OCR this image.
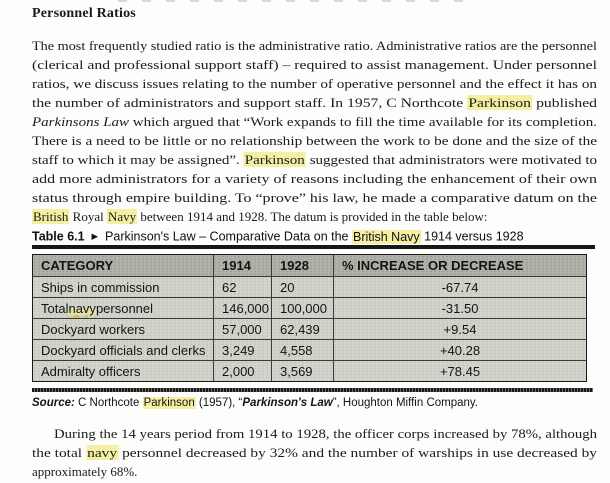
Personnel Ratios
The most frequently studied ratio is the administrative ratio. Administrative ratios are the personnel
(clerical and professional support staff) – required to assist management. Under personnel
ratios, we discuss issues relating to the number of operative personnel and the effect it has on
the number of administrators and support staff. In 1957, C Northcote Parkinson published
Parkinsons Law which argued that “Work expands to fill the time available for its completion.
There is a need to be little or no relationship between the work to be done and the size of the
staff to which it may be assigned”. Parkinson suggested that administrators were motivated to
add more administrators for a variety of reasons including the enhancement of their own
status through empire building. To “prove” his law, he made a comparative datum on the
British Royal Navy between 1914 and 1928. The datum is provided in the table below:
Table 6.1 ▶  Parkinson's Law – Comparative Data on the British Navy 1914 versus 1928
CATEGORY	1914	1928	% INCREASE OR DECREASE
Ships in commission	62	20	-67.74
Total navy personnel	146,000 100,000	-31.50
Dockyard workers	57,000	62,439	+9.54
Dockyard officials and clerks	3,249	4,558	+40.28
Admiralty officers	2,000	3,569	+78.45
Source: C Northcote Parkinson (1957), “Parkinson's Law”, Houghton Miffin Company.
During the 14 years period from 1914 to 1928, the officer corps increased by 78%, although
the total navy personnel decreased by 32% and the number of warships in use decreased by
approximately 68%.
